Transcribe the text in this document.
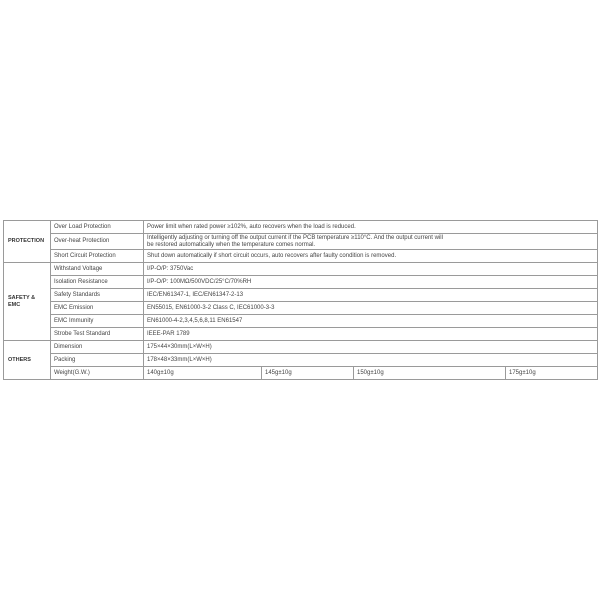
PROTECTION	Over Load Protection	Power limit when rated power ≥102%, auto recovers when the load is reduced.			
	Over-heat Protection	Intelligently adjusting or turning off the output current if the PCB temperature ≥110°C. And the output current will
be restored automatically when the temperature comes normal.			

	Short Circuit Protection	Shut down automatically if short circuit occurs, auto recovers after faulty condition is removed.			

SAFETY &
EMC	Withstand Voltage	I/P-O/P: 3750Vac			
	Isolation Resistance	I/P-O/P: 100MΩ/500VDC/25°C/70%RH			
	Safety Standards	IEC/EN61347-1, IEC/EN61347-2-13			
	EMC Emission	EN55015, EN61000-3-2 Class C, IEC61000-3-3			
	EMC Immunity	EN61000-4-2,3,4,5,6,8,11 EN61547			
	Strobe Test Standard	IEEE-PAR 1789			
OTHERS	Dimension	175×44×30mm(L×W×H)			
	Packing	178×48×33mm(L×W×H)			
	Weight(G.W.)	140g±10g	145g±10g	150g±10g	175g±10g
